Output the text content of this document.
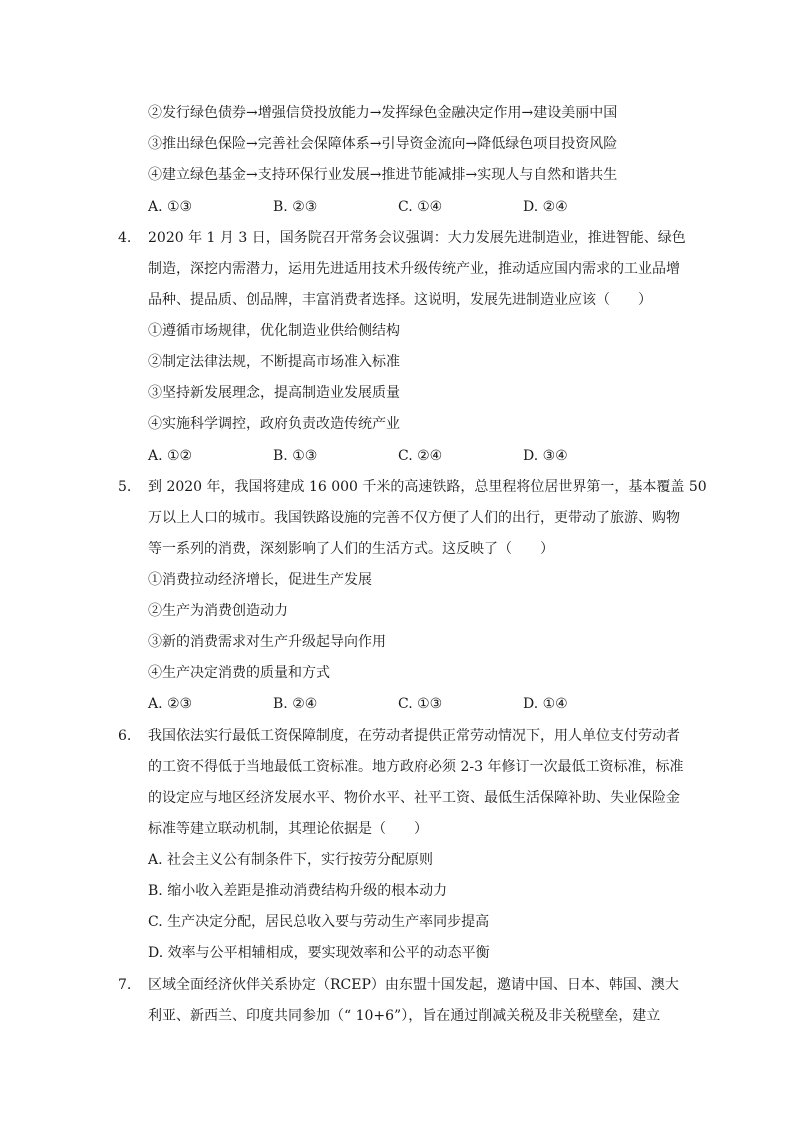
②发行绿色债券→增强信贷投放能力→发挥绿色金融决定作用→建设美丽中国
③推出绿色保险→完善社会保障体系→引导资金流向→降低绿色项目投资风险
④建立绿色基金→支持环保行业发展→推进节能减排→实现人与自然和谐共生
A. ①③	B. ②③	C. ①④	D. ②④
4. 2020 年 1 月 3 日，国务院召开常务会议强调：大力发展先进制造业，推进智能、绿色
制造，深挖内需潜力，运用先进适用技术升级传统产业，推动适应国内需求的工业品增
品种、提品质、创品牌，丰富消费者选择。这说明，发展先进制造业应该（　　）
①遵循市场规律，优化制造业供给侧结构
②制定法律法规，不断提高市场准入标准
③坚持新发展理念，提高制造业发展质量
④实施科学调控，政府负责改造传统产业
A. ①②	B. ①③	C. ②④	D. ③④
5. 到 2020 年，我国将建成 16 000 千米的高速铁路，总里程将位居世界第一，基本覆盖 50
万以上人口的城市。我国铁路设施的完善不仅方便了人们的出行，更带动了旅游、购物
等一系列的消费，深刻影响了人们的生活方式。这反映了（　　）
①消费拉动经济增长，促进生产发展
②生产为消费创造动力
③新的消费需求对生产升级起导向作用
④生产决定消费的质量和方式
A. ②③	B. ②④	C. ①③	D. ①④
6. 我国依法实行最低工资保障制度，在劳动者提供正常劳动情况下，用人单位支付劳动者
的工资不得低于当地最低工资标准。地方政府必须 2-3 年修订一次最低工资标准，标准
的设定应与地区经济发展水平、物价水平、社平工资、最低生活保障补助、失业保险金
标准等建立联动机制，其理论依据是（　　）
A. 社会主义公有制条件下，实行按劳分配原则
B. 缩小收入差距是推动消费结构升级的根本动力
C. 生产决定分配，居民总收入要与劳动生产率同步提高
D. 效率与公平相辅相成，要实现效率和公平的动态平衡
7. 区域全面经济伙伴关系协定（RCEP）由东盟十国发起，邀请中国、日本、韩国、澳大
利亚、新西兰、印度共同参加（“ 10+6”），旨在通过削减关税及非关税壁垒，建立
